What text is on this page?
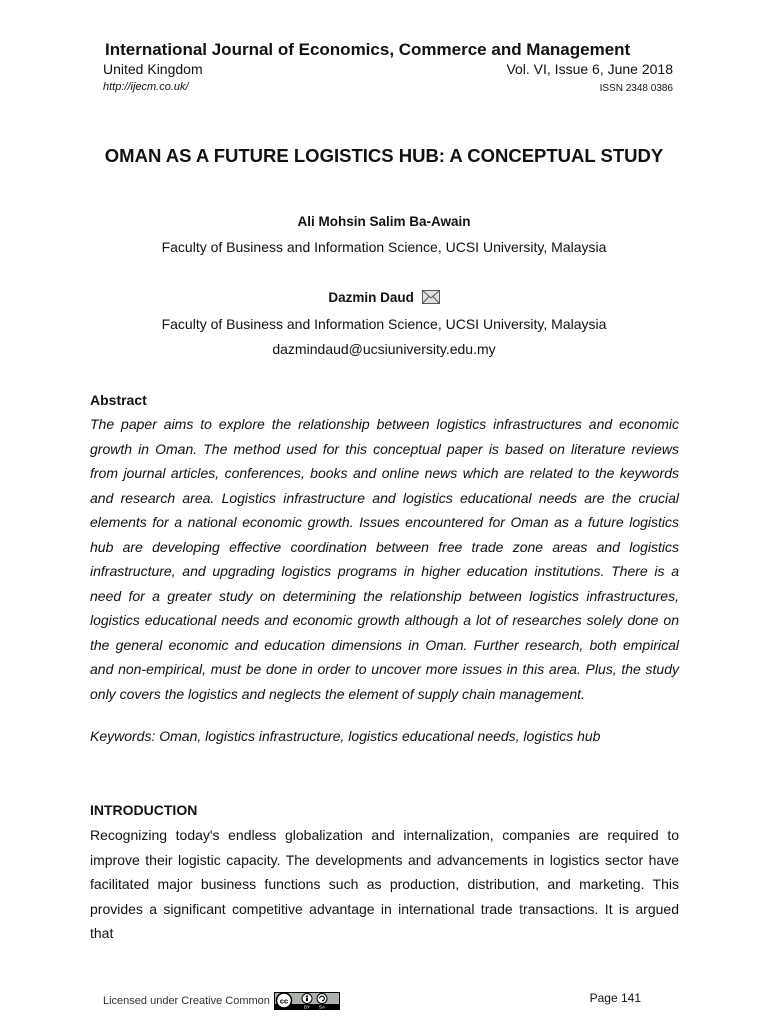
International Journal of Economics, Commerce and Management
United Kingdom	Vol. VI, Issue 6, June 2018
http://ijecm.co.uk/	ISSN 2348 0386
OMAN AS A FUTURE LOGISTICS HUB: A CONCEPTUAL STUDY
Ali Mohsin Salim Ba-Awain
Faculty of Business and Information Science, UCSI University, Malaysia
Dazmin Daud
Faculty of Business and Information Science, UCSI University, Malaysia
dazmindaud@ucsiuniversity.edu.my
Abstract
The paper aims to explore the relationship between logistics infrastructures and economic growth in Oman. The method used for this conceptual paper is based on literature reviews from journal articles, conferences, books and online news which are related to the keywords and research area. Logistics infrastructure and logistics educational needs are the crucial elements for a national economic growth. Issues encountered for Oman as a future logistics hub are developing effective coordination between free trade zone areas and logistics infrastructure, and upgrading logistics programs in higher education institutions. There is a need for a greater study on determining the relationship between logistics infrastructures, logistics educational needs and economic growth although a lot of researches solely done on the general economic and education dimensions in Oman. Further research, both empirical and non-empirical, must be done in order to uncover more issues in this area. Plus, the study only covers the logistics and neglects the element of supply chain management.
Keywords: Oman, logistics infrastructure, logistics educational needs, logistics hub
INTRODUCTION
Recognizing today's endless globalization and internalization, companies are required to improve their logistic capacity. The developments and advancements in logistics sector have facilitated major business functions such as production, distribution, and marketing. This provides a significant competitive advantage in international trade transactions. It is argued that
Licensed under Creative Common cc
BY SA
Page 141
